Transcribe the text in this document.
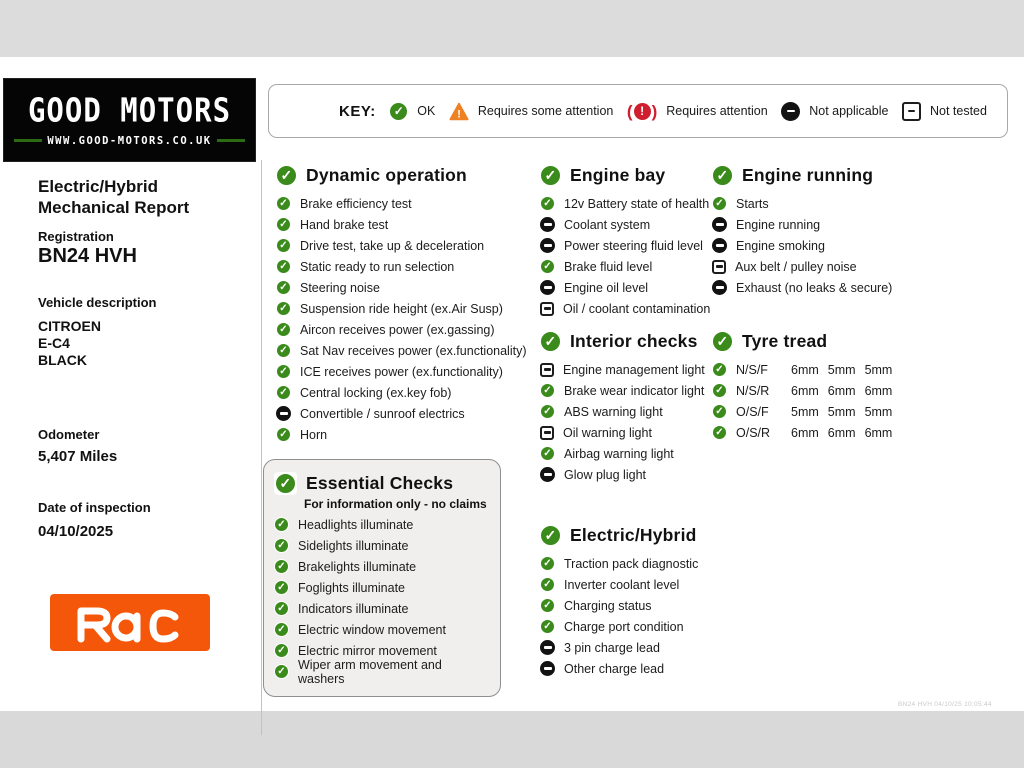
GOOD MOTORS
WWW.GOOD-MOTORS.CO.UK
KEY:	✓	OK ! Requires some attention ( ! ) Requires attention	Not applicable	Not tested
Electric/Hybrid
Mechanical Report
Registration
BN24 HVH
Vehicle description
CITROEN
E-C4
BLACK
Odometer
5,407 Miles
Date of inspection
04/10/2025
✓ Dynamic operation
✓ Brake efficiency test
✓ Hand brake test
✓ Drive test, take up & deceleration
✓ Static ready to run selection
✓ Steering noise
✓ Suspension ride height (ex.Air Susp)
✓ Aircon receives power (ex.gassing)
✓ Sat Nav receives power (ex.functionality)
✓ ICE receives power (ex.functionality)
✓ Central locking (ex.key fob)
Convertible / sunroof electrics
✓ Horn
✓ Essential Checks
For information only - no claims
✓ Headlights illuminate
✓ Sidelights illuminate
✓ Brakelights illuminate
✓ Foglights illuminate
✓ Indicators illuminate
✓ Electric window movement
✓ Electric mirror movement
✓ Wiper arm movement and washers
✓ Engine bay
✓ 12v Battery state of health
Coolant system
Power steering fluid level
✓ Brake fluid level
Engine oil level
Oil / coolant contamination
✓ Interior checks
Engine management light
✓ Brake wear indicator light
✓ ABS warning light
Oil warning light
✓ Airbag warning light
Glow plug light
✓ Electric/Hybrid
✓ Traction pack diagnostic
✓ Inverter coolant level
✓ Charging status
✓ Charge port condition
3 pin charge lead
Other charge lead
✓ Engine running
✓ Starts
Engine running
Engine smoking
Aux belt / pulley noise
Exhaust (no leaks & secure)
✓ Tyre tread
✓ N/S/F	6mm 5mm 5mm
✓ N/S/R	6mm 6mm 6mm
✓ O/S/F	5mm 5mm 5mm
✓ O/S/R	6mm 6mm 6mm
BN24 HVH 04/10/25 10:05:44
